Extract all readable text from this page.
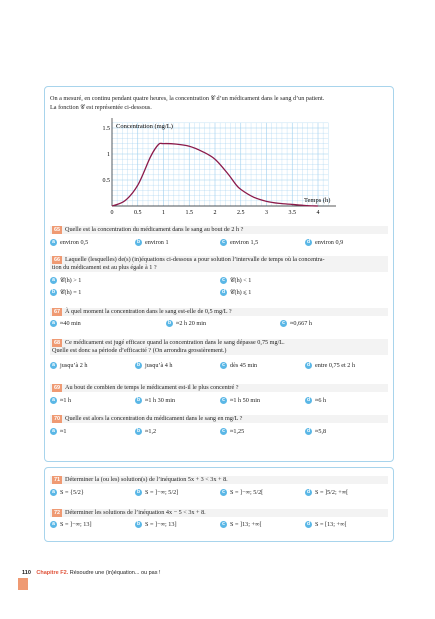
On a mesuré, en continu pendant quatre heures, la concentration 𝒞 d’un médicament dans le sang d’un patient.
La fonction 𝒞 est représentée ci-dessous.
0.5	1	1.5	2	2.5	3	3.5	4
0.5
1
1.5
0
Concentration (mg/L)
Temps (h)
65 Quelle est la concentration du médicament dans le sang au bout de 2 h ?
a environ 0,5	b environ 1	c environ 1,5	d environ 0,9
66 Laquelle (lesquelles) de(s) (in)équations ci-dessous a pour solution l’intervalle de temps où la concentra-
tion du médicament est au plus égale à 1 ?
a 𝒞(h) > 1
b 𝒞(h) = 1
c 𝒞(h) < 1
d 𝒞(h) ⩽ 1
67 À quel moment la concentration dans le sang est-elle de 0,5 mg/L ?
a ≈40 min	b ≈2 h 20 min	c ≈0,667 h
68 Ce médicament est jugé efficace quand la concentration dans le sang dépasse 0,75 mg/L.
Quelle est donc sa période d’efficacité ? (On arrondira grossièrement.)
a jusqu’à 2 h	b jusqu’à 4 h	c dès 45 min	d entre 0,75 et 2 h
69 Au bout de combien de temps le médicament est-il le plus concentré ?
a ≈1 h	b ≈1 h 30 min	c ≈1 h 50 min	d ≈6 h
70 Quelle est alors la concentration du médicament dans le sang en mg/L ?
a ≈1	b ≈1,2	c ≈1,25	d ≈5,8
71 Déterminer la (ou les) solution(s) de l’inéquation 5x + 3 < 3x + 8.
a S = {5/2}	b S = ]−∞; 5/2]	c S = ]−∞; 5/2[	d S = ]5/2; +∞[
72 Déterminer les solutions de l’inéquation 4x − 5 < 3x + 8.
a S = ]−∞; 13]	b S = ]−∞; 13]	c S = ]13; +∞[	d S = [13; +∞[
110 Chapitre F2. Résoudre une (in)équation... ou pas !
